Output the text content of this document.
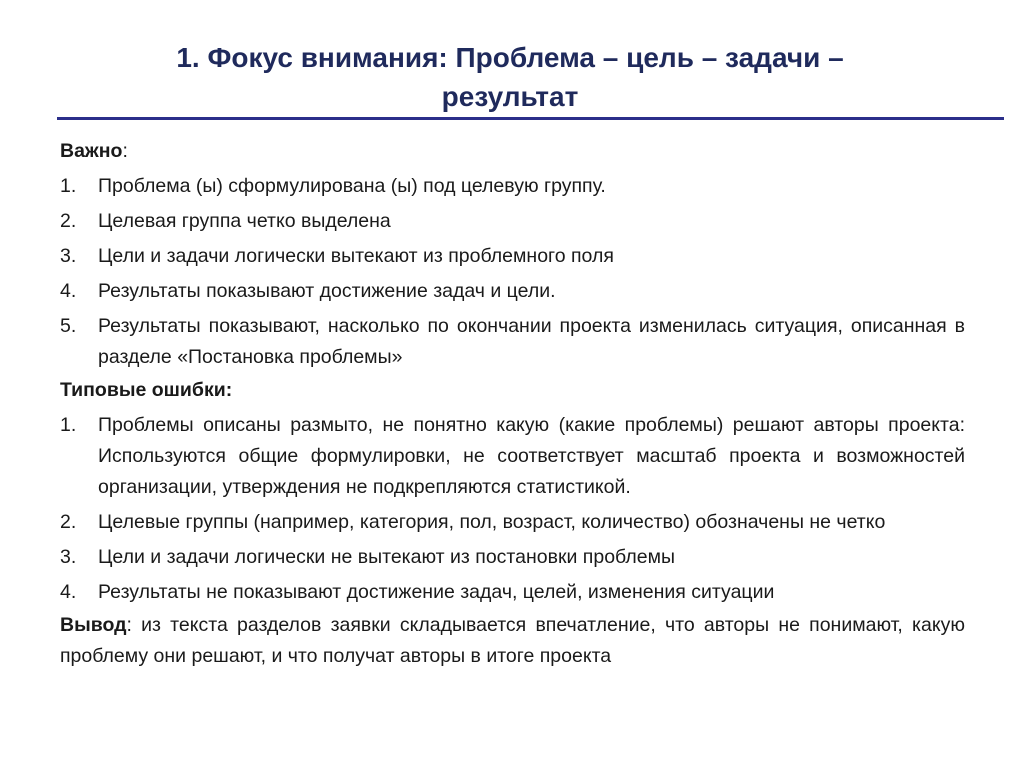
1. Фокус внимания: Проблема – цель – задачи –
результат
Важно:
1.	Проблема (ы) сформулирована (ы) под целевую группу.
2.	Целевая группа четко выделена
3.	Цели и задачи логически вытекают из проблемного поля
4.	Результаты показывают достижение задач и цели.
5.	Результаты показывают, насколько по окончании проекта изменилась ситуация, описанная в разделе «Постановка проблемы»
Типовые ошибки:
1.	Проблемы описаны размыто, не понятно какую (какие проблемы) решают авторы проекта: Используются общие формулировки, не соответствует масштаб проекта и возможностей организации, утверждения не подкрепляются статистикой.
2.	Целевые группы (например, категория, пол, возраст, количество) обозначены не четко
3.	Цели и задачи логически не вытекают из постановки проблемы
4.	Результаты не показывают достижение задач, целей, изменения ситуации
Вывод: из текста разделов заявки складывается впечатление, что авторы не понимают, какую проблему они решают, и что получат авторы в итоге проекта
